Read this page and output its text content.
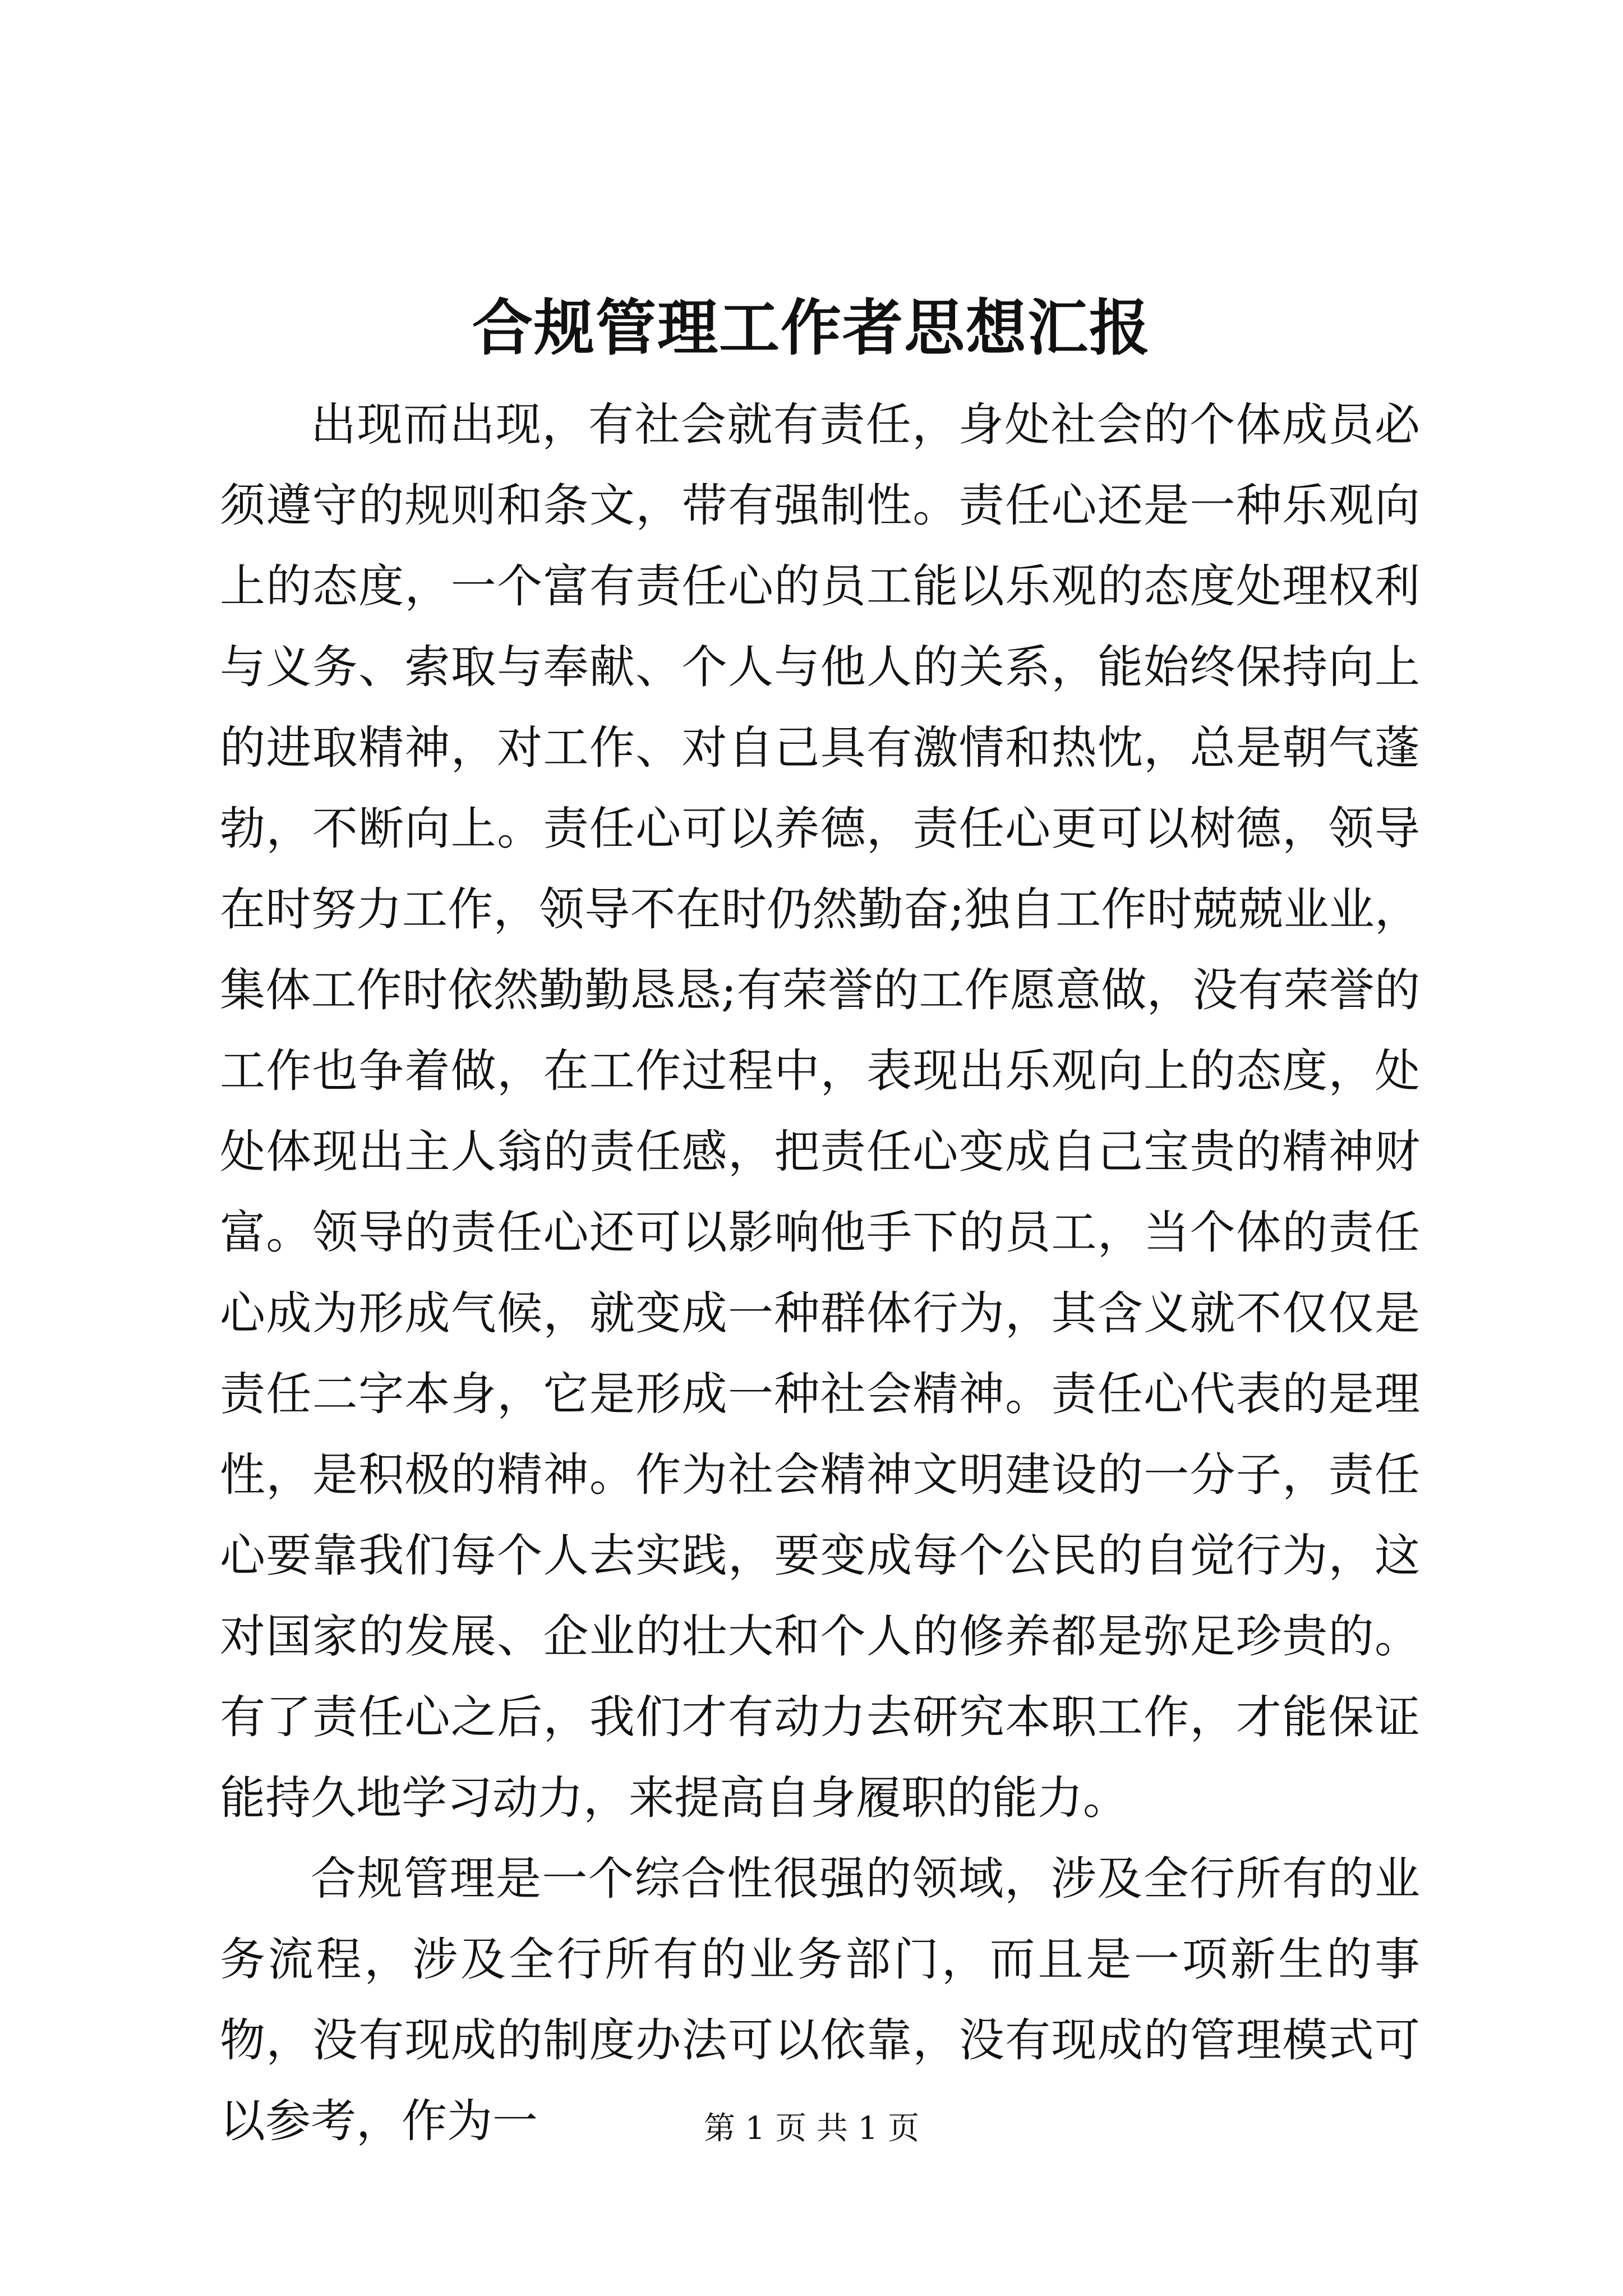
合规管理工作者思想汇报

出现而出现，有社会就有责任，身处社会的个体成员必须遵守的规则和条文，带有强制性。责任心还是一种乐观向上的态度，一个富有责任心的员工能以乐观的态度处理权利与义务、索取与奉献、个人与他人的关系，能始终保持向上的进取精神，对工作、对自己具有激情和热忱，总是朝气蓬勃，不断向上。责任心可以养德，责任心更可以树德，领导在时努力工作，领导不在时仍然勤奋;独自工作时兢兢业业，集体工作时依然勤勤恳恳;有荣誉的工作愿意做，没有荣誉的工作也争着做，在工作过程中，表现出乐观向上的态度，处处体现出主人翁的责任感，把责任心变成自己宝贵的精神财富。领导的责任心还可以影响他手下的员工，当个体的责任心成为形成气候，就变成一种群体行为，其含义就不仅仅是责任二字本身，它是形成一种社会精神。责任心代表的是理性，是积极的精神。作为社会精神文明建设的一分子，责任心要靠我们每个人去实践，要变成每个公民的自觉行为，这对国家的发展、企业的壮大和个人的修养都是弥足珍贵的。有了责任心之后，我们才有动力去研究本职工作，才能保证能持久地学习动力，来提高自身履职的能力。

合规管理是一个综合性很强的领域，涉及全行所有的业务流程，涉及全行所有的业务部门，而且是一项新生的事物，没有现成的制度办法可以依靠，没有现成的管理模式可以参考，作为一	第 1 页 共 1 页
